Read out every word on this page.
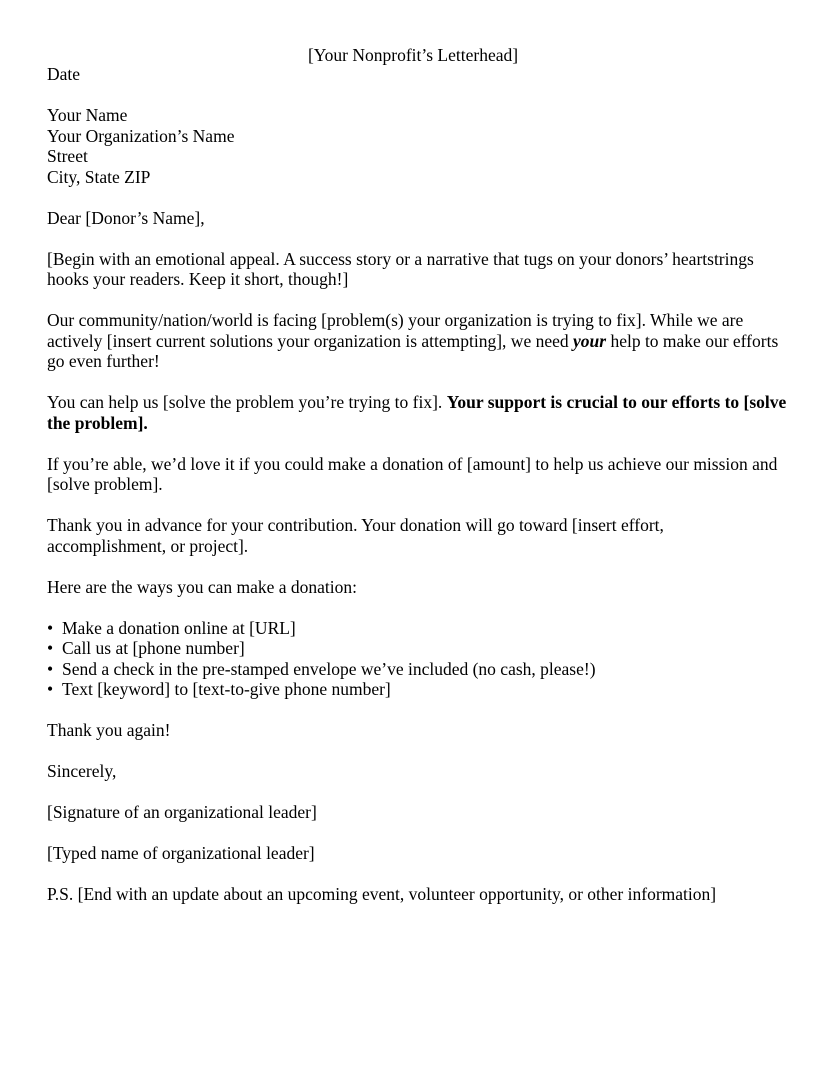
[Your Nonprofit’s Letterhead]
Date

Your Name

Your Organization’s Name

Street

City, State ZIP

Dear [Donor’s Name],

[Begin with an emotional appeal. A success story or a narrative that tugs on your donors’ heartstrings hooks your readers. Keep it short, though!]

Our community/nation/world is facing [problem(s) your organization is trying to fix]. While we are actively [insert current solutions your organization is attempting], we need your help to make our efforts go even further!

You can help us [solve the problem you’re trying to fix]. Your support is crucial to our efforts to [solve the problem].

If you’re able, we’d love it if you could make a donation of [amount] to help us achieve our mission and [solve problem].

Thank you in advance for your contribution. Your donation will go toward [insert effort, accomplishment, or project].

Here are the ways you can make a donation:

• Make a donation online at [URL]
• Call us at [phone number]
• Send a check in the pre-stamped envelope we’ve included (no cash, please!)
• Text [keyword] to [text-to-give phone number]

Thank you again!

Sincerely,

[Signature of an organizational leader]

[Typed name of organizational leader]

P.S. [End with an update about an upcoming event, volunteer opportunity, or other information]
